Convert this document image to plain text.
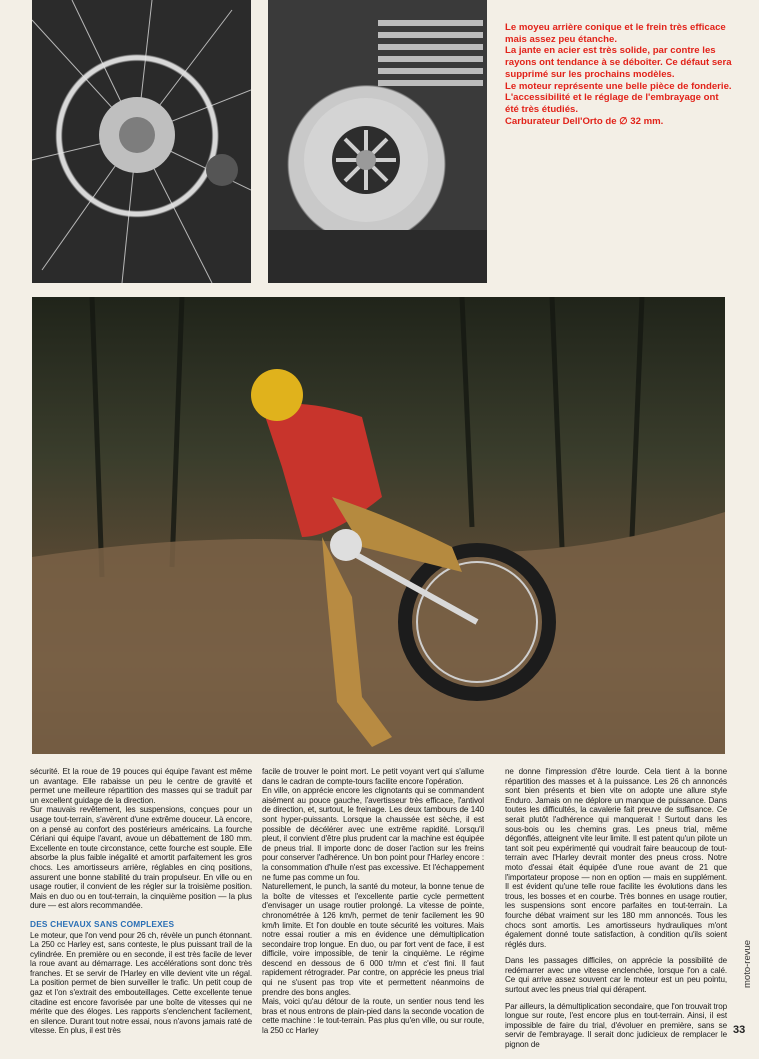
Le moyeu arrière conique et le frein très efficace mais assez peu étanche.

La jante en acier est très solide, par contre les rayons ont tendance à se déboîter. Ce défaut sera supprimé sur les prochains modèles.

Le moteur représente une belle pièce de fonderie. L'accessibilité et le réglage de l'embrayage ont été très étudiés.

Carburateur Dell'Orto de ∅ 32 mm.

sécurité. Et la roue de 19 pouces qui équipe l'avant est même un avantage. Elle rabaisse un peu le centre de gravité et permet une meilleure répartition des masses qui se traduit par un excellent guidage de la direction.

Sur mauvais revêtement, les suspensions, conçues pour un usage tout-terrain, s'avèrent d'une extrême douceur. Là encore, on a pensé au confort des postérieurs américains. La fourche Cériani qui équipe l'avant, avoue un débattement de 180 mm. Excellente en toute circonstance, cette fourche est souple. Elle absorbe la plus faible inégalité et amortit parfaitement les gros chocs. Les amortisseurs arrière, réglables en cinq positions, assurent une bonne stabilité du train propulseur. En ville ou en usage routier, il convient de les régler sur la troisième position. Mais en duo ou en tout-terrain, la cinquième position — la plus dure — est alors recommandée.

DES CHEVAUX SANS COMPLEXES

Le moteur, que l'on vend pour 26 ch, révèle un punch étonnant. La 250 cc Harley est, sans conteste, le plus puissant trail de la cylindrée. En première ou en seconde, il est très facile de lever la roue avant au démarrage. Les accélérations sont donc très franches. Et se servir de l'Harley en ville devient vite un régal. La position permet de bien surveiller le trafic. Un petit coup de gaz et l'on s'extrait des embouteillages. Cette excellente tenue citadine est encore favorisée par une boîte de vitesses qui ne mérite que des éloges. Les rapports s'enclenchent facilement, en silence. Durant tout notre essai, nous n'avons jamais raté de vitesse. En plus, il est très

facile de trouver le point mort. Le petit voyant vert qui s'allume dans le cadran de compte-tours facilite encore l'opération.

En ville, on apprécie encore les clignotants qui se commandent aisément au pouce gauche, l'avertisseur très efficace, l'antivol de direction, et, surtout, le freinage. Les deux tambours de 140 sont hyper-puissants. Lorsque la chaussée est sèche, il est possible de décélérer avec une extrême rapidité. Lorsqu'il pleut, il convient d'être plus prudent car la machine est équipée de pneus trial. Il importe donc de doser l'action sur les freins pour conserver l'adhérence. Un bon point pour l'Harley encore : la consommation d'huile n'est pas excessive. Et l'échappement ne fume pas comme un fou.

Naturellement, le punch, la santé du moteur, la bonne tenue de la boîte de vitesses et l'excellente partie cycle permettent d'envisager un usage routier prolongé. La vitesse de pointe, chronométrée à 126 km/h, permet de tenir facilement les 90 km/h limite. Et l'on double en toute sécurité les voitures. Mais notre essai routier a mis en évidence une démultiplication secondaire trop longue. En duo, ou par fort vent de face, il est difficile, voire impossible, de tenir la cinquième. Le régime descend en dessous de 6 000 tr/mn et c'est fini. Il faut rapidement rétrograder. Par contre, on apprécie les pneus trial qui ne s'usent pas trop vite et permettent néanmoins de prendre des bons angles.

Mais, voici qu'au détour de la route, un sentier nous tend les bras et nous entrons de plain-pied dans la seconde vocation de cette machine : le tout-terrain. Pas plus qu'en ville, ou sur route, la 250 cc Harley

ne donne l'impression d'être lourde. Cela tient à la bonne répartition des masses et à la puissance. Les 26 ch annoncés sont bien présents et bien vite on adopte une allure style Enduro. Jamais on ne déplore un manque de puissance. Dans toutes les difficultés, la cavalerie fait preuve de suffisance. Ce serait plutôt l'adhérence qui manquerait ! Surtout dans les sous-bois ou les chemins gras. Les pneus trial, même dégonflés, atteignent vite leur limite. Il est patent qu'un pilote un tant soit peu expérimenté qui voudrait faire beaucoup de tout-terrain avec l'Harley devrait monter des pneus cross. Notre moto d'essai était équipée d'une roue avant de 21 que l'importateur propose — non en option — mais en supplément. Il est évident qu'une telle roue facilite les évolutions dans les trous, les bosses et en courbe. Très bonnes en usage routier, les suspensions sont encore parfaites en tout-terrain. La fourche débat vraiment sur les 180 mm annoncés. Tous les chocs sont amortis. Les amortisseurs hydrauliques m'ont également donné toute satisfaction, à condition qu'ils soient réglés durs.

Dans les passages difficiles, on apprécie la possibilité de redémarrer avec une vitesse enclenchée, lorsque l'on a calé. Ce qui arrive assez souvent car le moteur est un peu pointu, surtout avec les pneus trial qui dérapent.

Par ailleurs, la démultiplication secondaire, que l'on trouvait trop longue sur route, l'est encore plus en tout-terrain. Ainsi, il est impossible de faire du trial, d'évoluer en première, sans se servir de l'embrayage. Il serait donc judicieux de remplacer le pignon de

moto-revue
33
